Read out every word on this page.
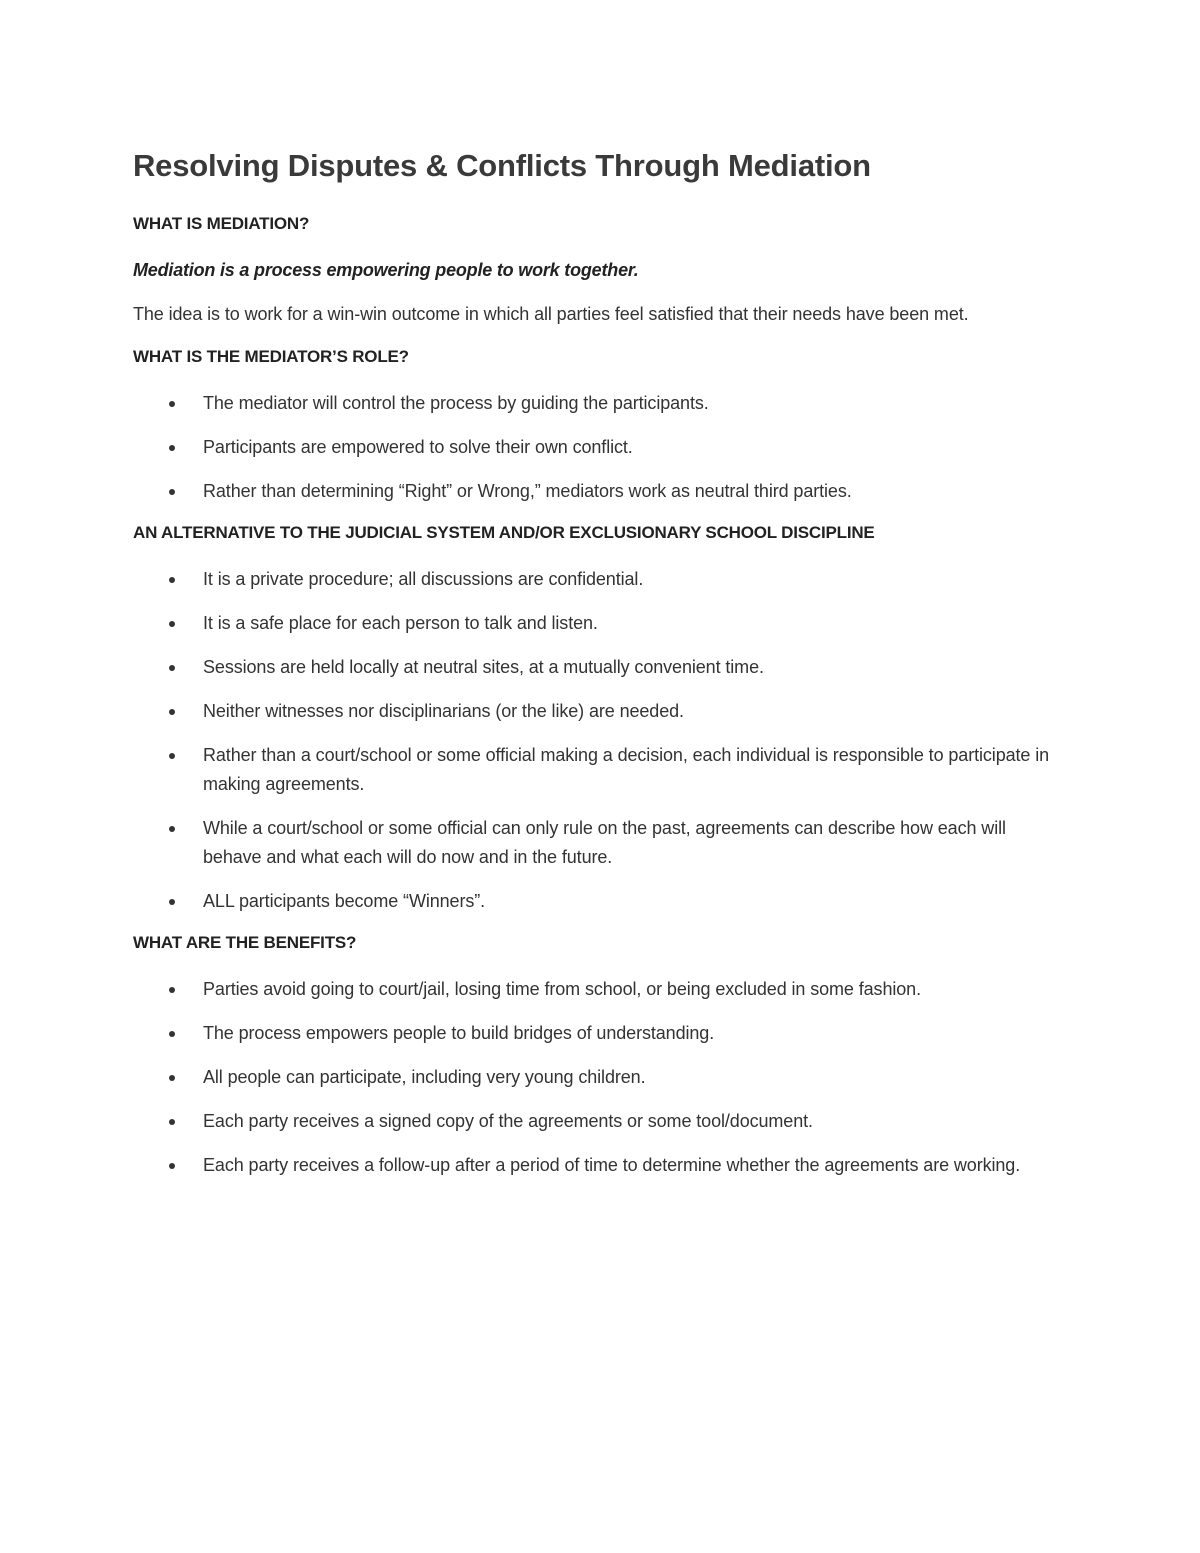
Resolving Disputes & Conflicts Through Mediation
WHAT IS MEDIATION?
Mediation is a process empowering people to work together.
The idea is to work for a win-win outcome in which all parties feel satisfied that their needs have been met.
WHAT IS THE MEDIATOR’S ROLE?
The mediator will control the process by guiding the participants.
Participants are empowered to solve their own conflict.
Rather than determining “Right” or Wrong,” mediators work as neutral third parties.
AN ALTERNATIVE TO THE JUDICIAL SYSTEM AND/OR EXCLUSIONARY SCHOOL DISCIPLINE
It is a private procedure; all discussions are confidential.
It is a safe place for each person to talk and listen.
Sessions are held locally at neutral sites, at a mutually convenient time.
Neither witnesses nor disciplinarians (or the like) are needed.
Rather than a court/school or some official making a decision, each individual is responsible to participate in making agreements.
While a court/school or some official can only rule on the past, agreements can describe how each will behave and what each will do now and in the future.
ALL participants become “Winners”.
WHAT ARE THE BENEFITS?
Parties avoid going to court/jail, losing time from school, or being excluded in some fashion.
The process empowers people to build bridges of understanding.
All people can participate, including very young children.
Each party receives a signed copy of the agreements or some tool/document.
Each party receives a follow-up after a period of time to determine whether the agreements are working.
